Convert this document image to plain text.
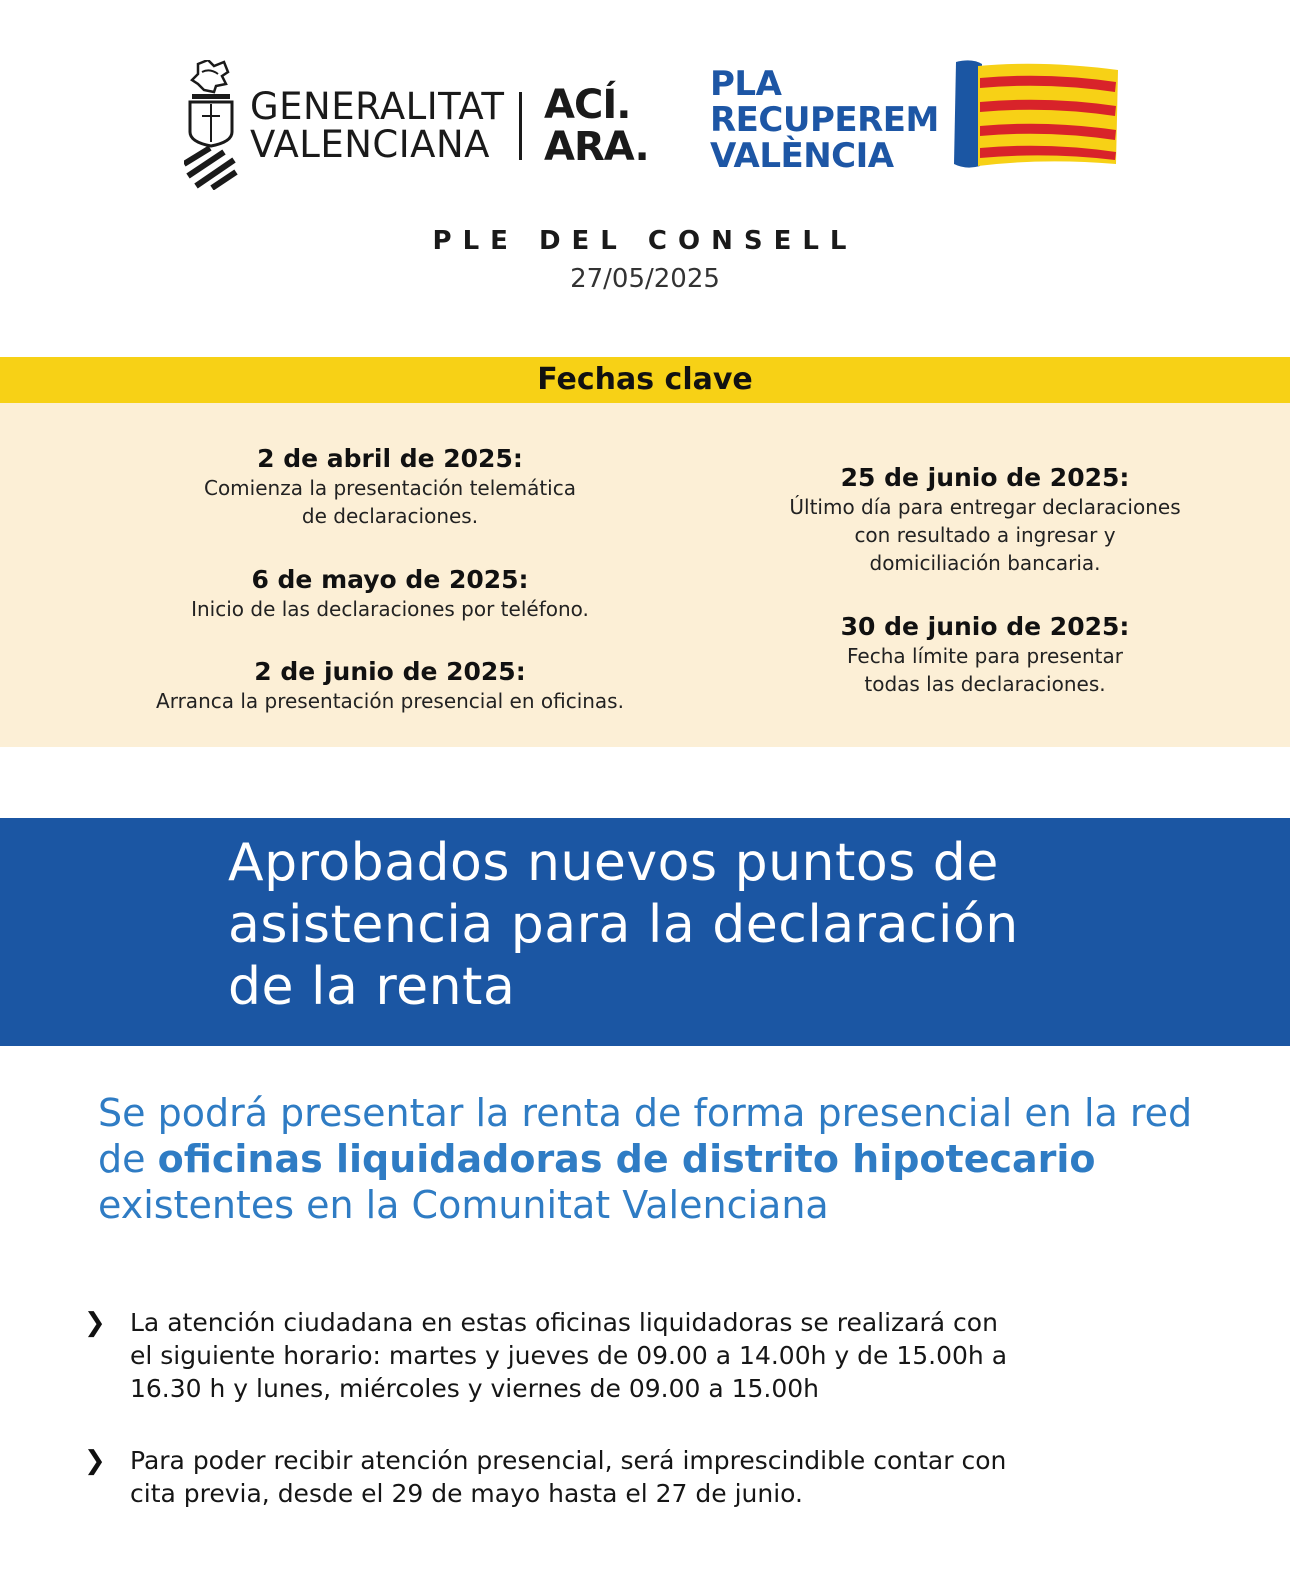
GENERALITAT
VALENCIANA
ACÍ.
ARA.
PLA
RECUPEREM
VALÈNCIA
PLE DEL CONSELL
27/05/2025
Fechas clave
2 de abril de 2025:
Comienza la presentación telemática
de declaraciones.
6 de mayo de 2025:
Inicio de las declaraciones por teléfono.
2 de junio de 2025:
Arranca la presentación presencial en oficinas.
25 de junio de 2025:
Último día para entregar declaraciones
con resultado a ingresar y
domiciliación bancaria.
30 de junio de 2025:
Fecha límite para presentar
todas las declaraciones.
Aprobados nuevos puntos de
asistencia para la declaración
de la renta
Se podrá presentar la renta de forma presencial en la red de oficinas liquidadoras de distrito hipotecario existentes en la Comunitat Valenciana
❯ La atención ciudadana en estas oficinas liquidadoras se realizará con
el siguiente horario: martes y jueves de 09.00 a 14.00h y de 15.00h a
16.30 h y lunes, miércoles y viernes de 09.00 a 15.00h
❯ Para poder recibir atención presencial, será imprescindible contar con
cita previa, desde el 29 de mayo hasta el 27 de junio.
